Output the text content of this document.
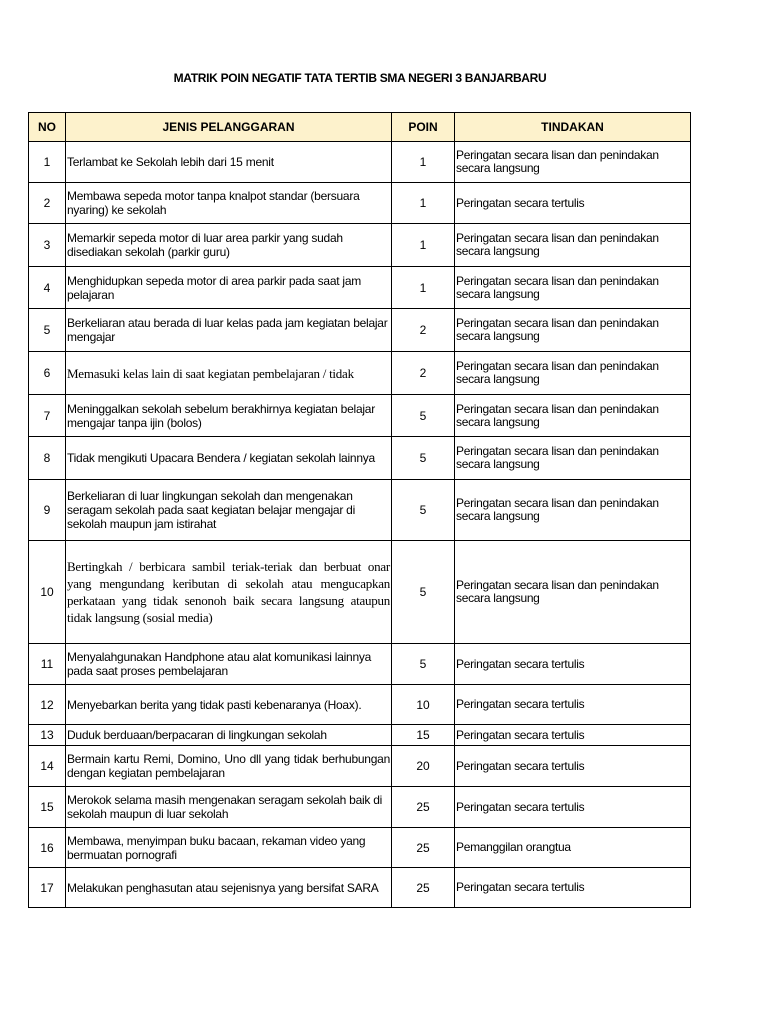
MATRIK POIN NEGATIF TATA TERTIB SMA NEGERI 3 BANJARBARU
NO	JENIS PELANGGARAN	POIN	TINDAKAN
1	Terlambat ke Sekolah lebih dari 15 menit	1	Peringatan secara lisan dan penindakan secara langsung
2	Membawa sepeda motor tanpa knalpot standar (bersuara nyaring) ke sekolah	1	Peringatan secara tertulis
3	Memarkir sepeda motor di luar area parkir yang sudah disediakan sekolah (parkir guru)	1	Peringatan secara lisan dan penindakan secara langsung
4	Menghidupkan sepeda motor di area parkir pada saat jam pelajaran	1	Peringatan secara lisan dan penindakan secara langsung
5	Berkeliaran atau berada di luar kelas pada jam kegiatan belajar mengajar	2	Peringatan secara lisan dan penindakan secara langsung
6	Memasuki kelas lain di saat kegiatan pembelajaran / tidak	2	Peringatan secara lisan dan penindakan secara langsung
7	Meninggalkan sekolah sebelum berakhirnya kegiatan belajar mengajar tanpa ijin (bolos)	5	Peringatan secara lisan dan penindakan secara langsung
8	Tidak mengikuti Upacara Bendera / kegiatan sekolah lainnya	5	Peringatan secara lisan dan penindakan secara langsung
9	Berkeliaran di luar lingkungan sekolah dan mengenakan seragam sekolah pada saat kegiatan belajar mengajar di sekolah maupun jam istirahat	5	Peringatan secara lisan dan penindakan secara langsung
10	Bertingkah / berbicara sambil teriak-teriak dan berbuat onar yang mengundang keributan di sekolah atau mengucapkan perkataan yang tidak senonoh baik secara langsung ataupun tidak langsung (sosial media)	5	Peringatan secara lisan dan penindakan secara langsung
11	Menyalahgunakan Handphone atau alat komunikasi lainnya pada saat proses pembelajaran	5	Peringatan secara tertulis
12	Menyebarkan berita yang tidak pasti kebenaranya (Hoax).	10	Peringatan secara tertulis
13	Duduk berduaan/berpacaran di lingkungan sekolah	15	Peringatan secara tertulis
14	Bermain kartu Remi, Domino, Uno dll yang tidak berhubungan dengan kegiatan pembelajaran	20	Peringatan secara tertulis
15	Merokok selama masih mengenakan seragam sekolah baik di sekolah maupun di luar sekolah	25	Peringatan secara tertulis
16	Membawa, menyimpan buku bacaan, rekaman video yang bermuatan pornografi	25	Pemanggilan orangtua
17	Melakukan penghasutan atau sejenisnya yang bersifat SARA	25	Peringatan secara tertulis
